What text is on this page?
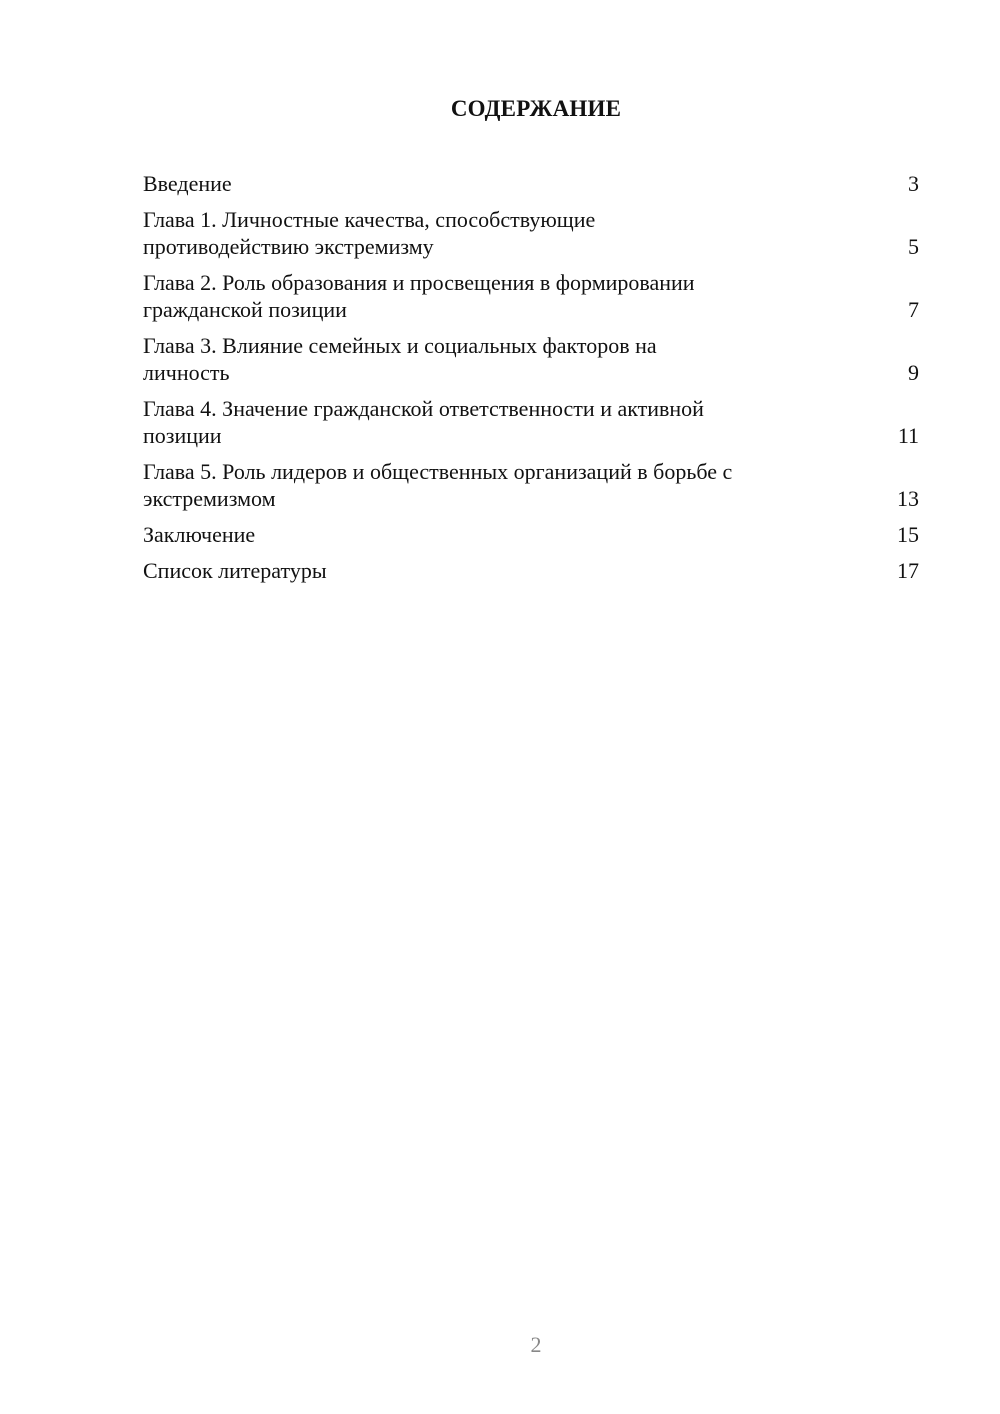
СОДЕРЖАНИЕ
Введение	3
Глава 1. Личностные качества, способствующие
противодействию экстремизму	5
Глава 2. Роль образования и просвещения в формировании
гражданской позиции	7
Глава 3. Влияние семейных и социальных факторов на
личность	9
Глава 4. Значение гражданской ответственности и активной
позиции	11
Глава 5. Роль лидеров и общественных организаций в борьбе с
экстремизмом	13
Заключение	15
Список литературы	17
2
